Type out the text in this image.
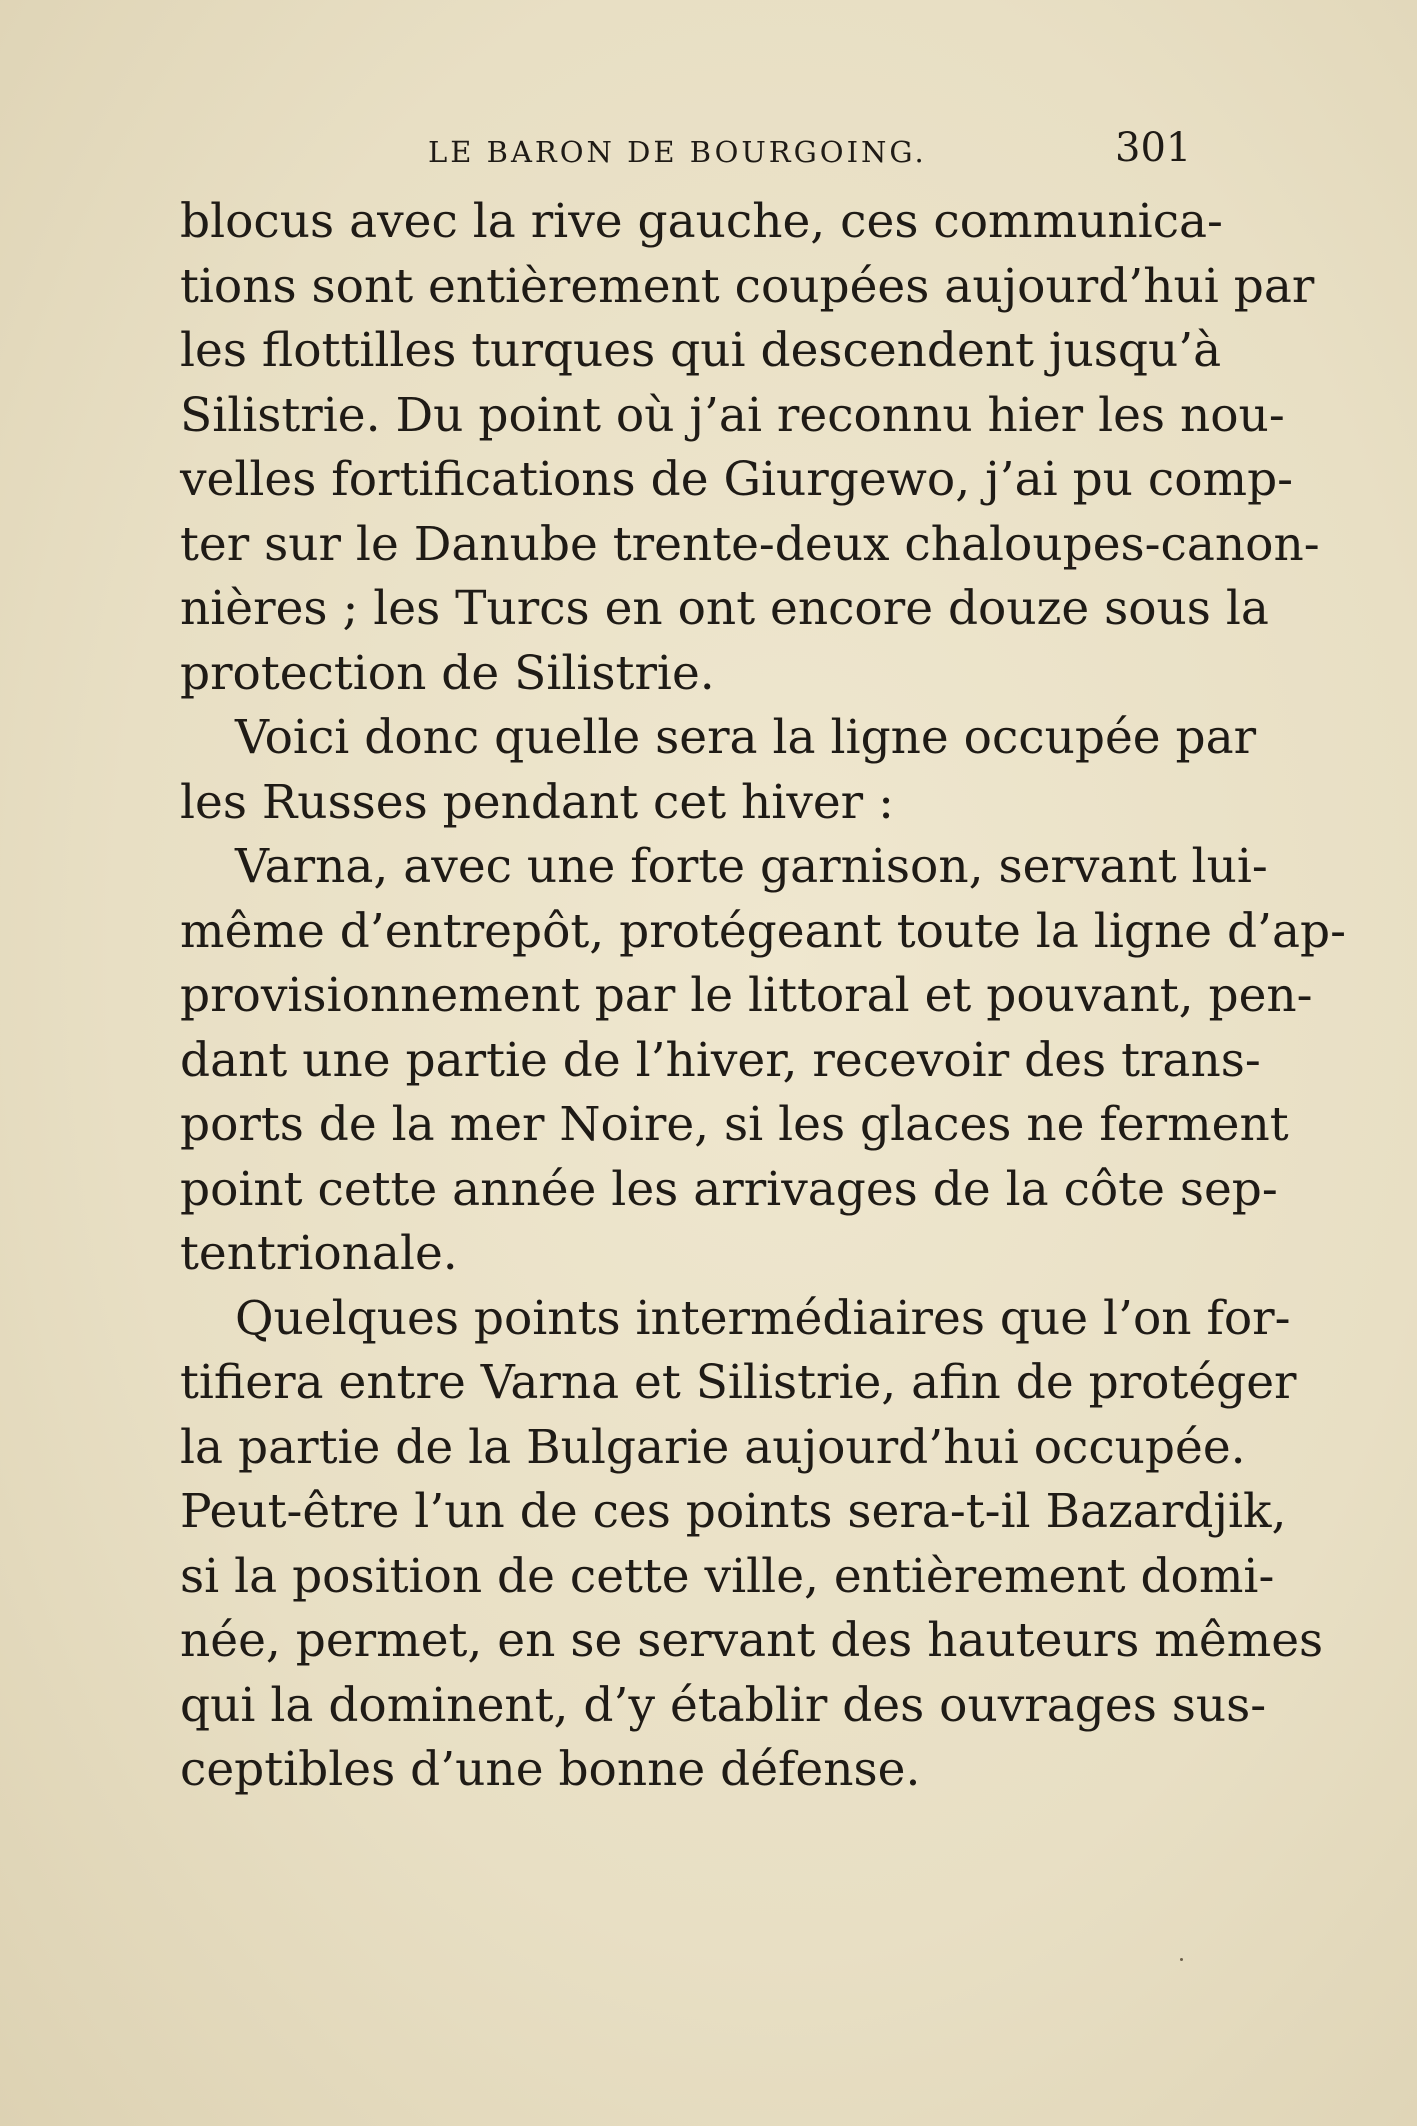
LE BARON DE BOURGOING.	301
blocus avec la rive gauche, ces communica-
tions sont entièrement coupées aujourd’hui par
les flottilles turques qui descendent jusqu’à
Silistrie. Du point où j’ai reconnu hier les nou-
velles fortifications de Giurgewo, j’ai pu comp-
ter sur le Danube trente-deux chaloupes-canon-
nières ; les Turcs en ont encore douze sous la
protection de Silistrie.
Voici donc quelle sera la ligne occupée par
les Russes pendant cet hiver :
Varna, avec une forte garnison, servant lui-
même d’entrepôt, protégeant toute la ligne d’ap-
provisionnement par le littoral et pouvant, pen-
dant une partie de l’hiver, recevoir des trans-
ports de la mer Noire, si les glaces ne ferment
point cette année les arrivages de la côte sep-
tentrionale.
Quelques points intermédiaires que l’on for-
tifiera entre Varna et Silistrie, afin de protéger
la partie de la Bulgarie aujourd’hui occupée.
Peut-être l’un de ces points sera-t-il Bazardjik,
si la position de cette ville, entièrement domi-
née, permet, en se servant des hauteurs mêmes
qui la dominent, d’y établir des ouvrages sus-
ceptibles d’une bonne défense.
